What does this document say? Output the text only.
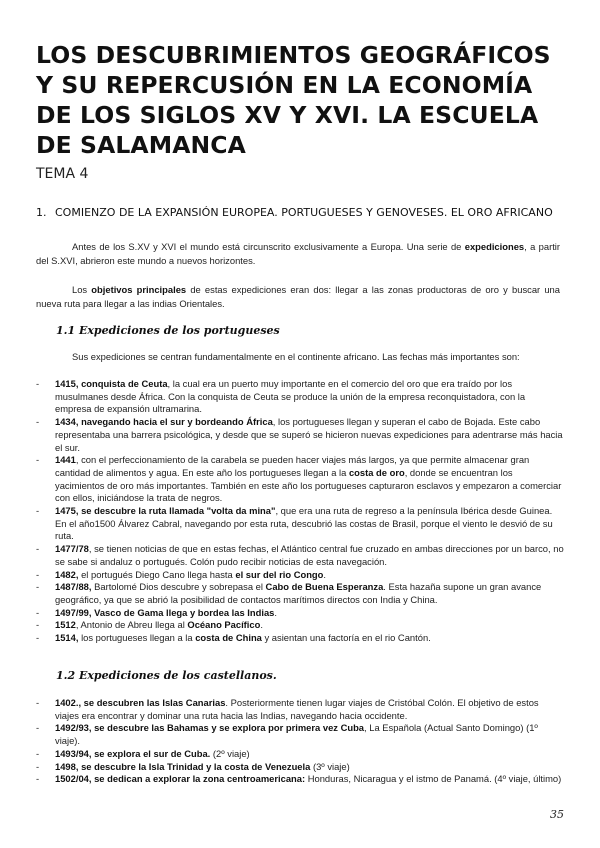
LOS DESCUBRIMIENTOS GEOGRÁFICOS Y SU REPERCUSIÓN EN LA ECONOMÍA DE LOS SIGLOS XV Y XVI. LA ESCUELA DE SALAMANCA
TEMA 4
1. COMIENZO DE LA EXPANSIÓN EUROPEA. PORTUGUESES Y GENOVESES. EL ORO AFRICANO

Antes de los S.XV y XVI el mundo está circunscrito exclusivamente a Europa. Una serie de expediciones, a partir del S.XVI, abrieron este mundo a nuevos horizontes.

Los objetivos principales de estas expediciones eran dos: llegar a las zonas productoras de oro y buscar una nueva ruta para llegar a las indias Orientales.

1.1 Expediciones de los portugueses
Sus expediciones se centran fundamentalmente en el continente africano. Las fechas más importantes son:
- 1415, conquista de Ceuta, la cual era un puerto muy importante en el comercio del oro que era traído por los musulmanes desde África. Con la conquista de Ceuta se produce la unión de la empresa reconquistadora, con la empresa de expansión ultramarina.
- 1434, navegando hacia el sur y bordeando África, los portugueses llegan y superan el cabo de Bojada. Este cabo representaba una barrera psicológica, y desde que se superó se hicieron nuevas expediciones para adentrarse más hacia el sur.
- 1441, con el perfeccionamiento de la carabela se pueden hacer viajes más largos, ya que permite almacenar gran cantidad de alimentos y agua. En este año los portugueses llegan a la costa de oro, donde se encuentran los yacimientos de oro más importantes. También en este año los portugueses capturaron esclavos y empezaron a comerciar con ellos, iniciándose la trata de negros.
- 1475, se descubre la ruta llamada "volta da mina", que era una ruta de regreso a la península Ibérica desde Guinea. En el año1500 Álvarez Cabral, navegando por esta ruta, descubrió las costas de Brasil, porque el viento le desvió de su ruta.
- 1477/78, se tienen noticias de que en estas fechas, el Atlántico central fue cruzado en ambas direcciones por un barco, no se sabe si andaluz o portugués. Colón pudo recibir noticias de esta navegación.
- 1482, el portugués Diego Cano llega hasta el sur del rio Congo.
- 1487/88, Bartolomé Dios descubre y sobrepasa el Cabo de Buena Esperanza. Esta hazaña supone un gran avance geográfico, ya que se abrió la posibilidad de contactos marítimos directos con India y China.
- 1497/99, Vasco de Gama llega y bordea las Indias.
- 1512, Antonio de Abreu llega al Océano Pacífico.
- 1514, los portugueses llegan a la costa de China y asientan una factoría en el rio Cantón.
1.2 Expediciones de los castellanos.
- 1402., se descubren las Islas Canarias. Posteriormente tienen lugar viajes de Cristóbal Colón. El objetivo de estos viajes era encontrar y dominar una ruta hacia las Indias, navegando hacia occidente.
- 1492/93, se descubre las Bahamas y se explora por primera vez Cuba, La Española (Actual Santo Domingo) (1º viaje).
- 1493/94, se explora el sur de Cuba. (2º viaje)
- 1498, se descubre la Isla Trinidad y la costa de Venezuela (3º viaje)
- 1502/04, se dedican a explorar la zona centroamericana: Honduras, Nicaragua y el istmo de Panamá. (4º viaje, último)
35
